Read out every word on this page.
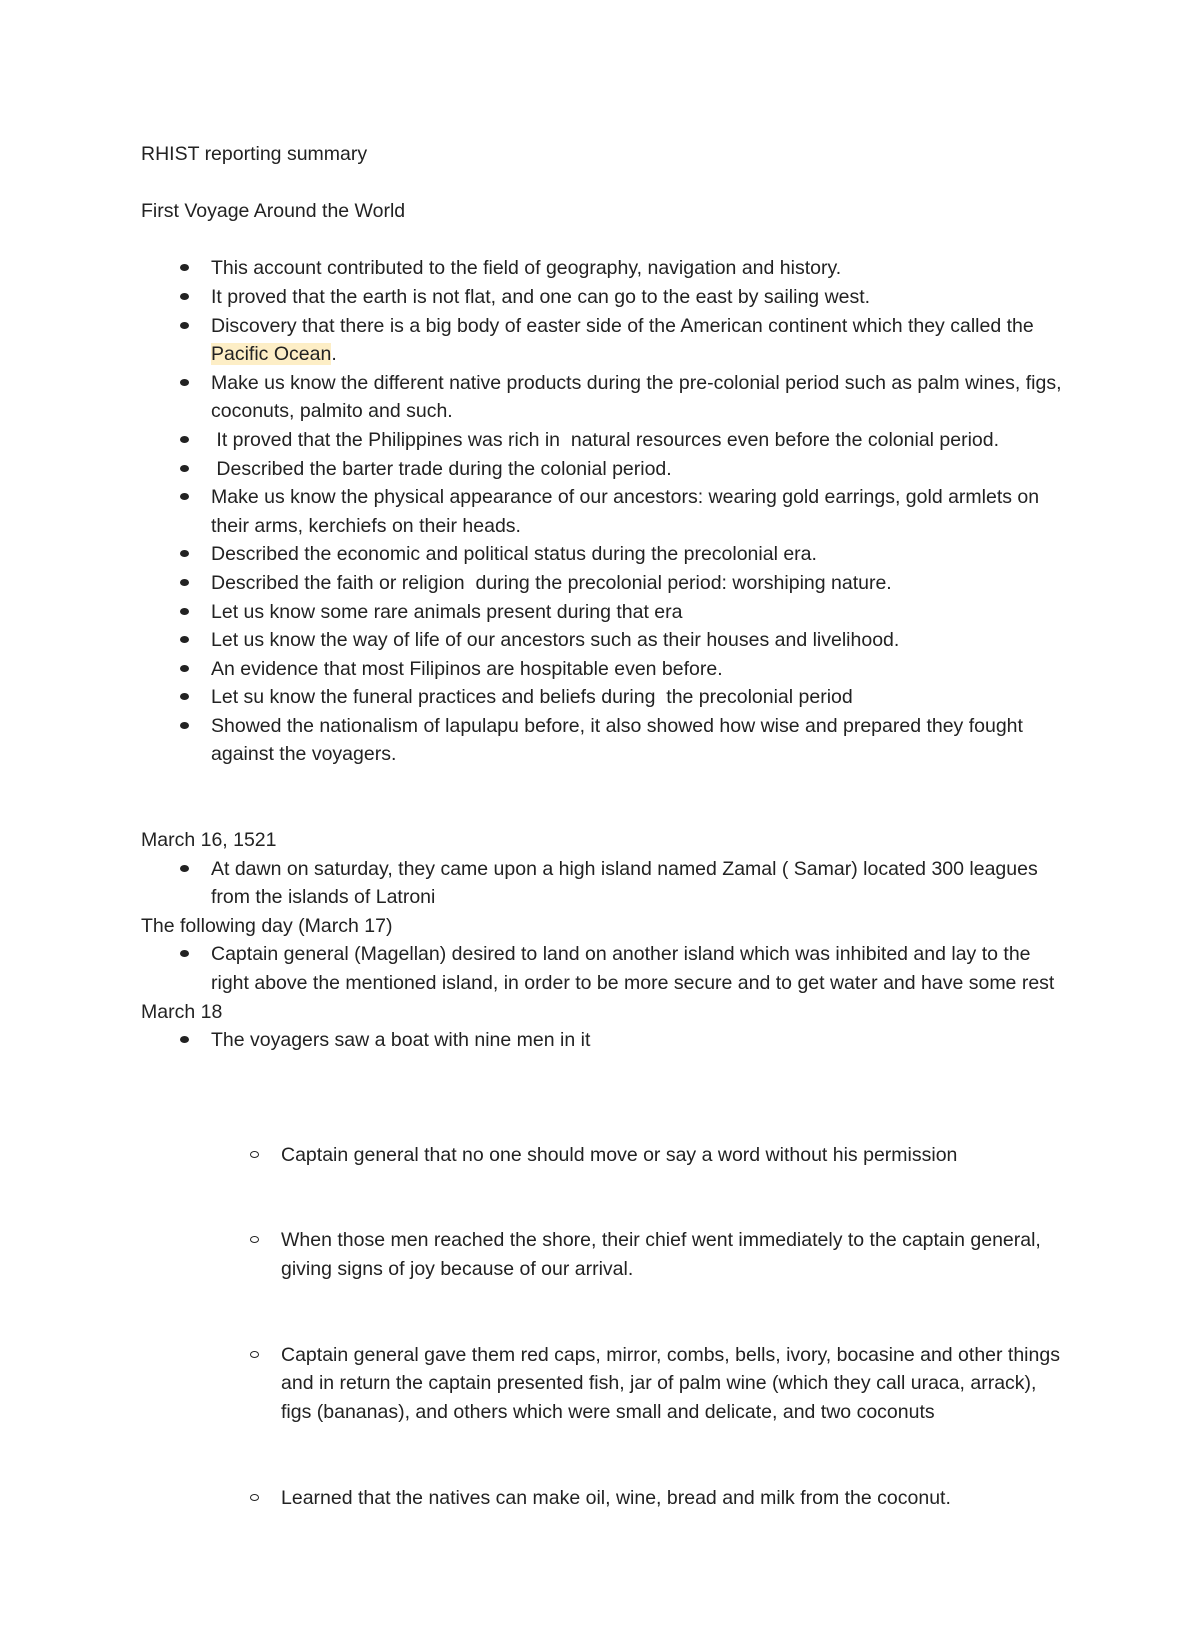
RHIST reporting summary

First Voyage Around the World

This account contributed to the field of geography, navigation and history.
It proved that the earth is not flat, and one can go to the east by sailing west.
Discovery that there is a big body of easter side of the American continent which they called the Pacific Ocean.
Make us know the different native products during the pre-colonial period such as palm wines, figs, coconuts, palmito and such.
It proved that the Philippines was rich in  natural resources even before the colonial period.
Described the barter trade during the colonial period.
Make us know the physical appearance of our ancestors: wearing gold earrings, gold armlets on their arms, kerchiefs on their heads.
Described the economic and political status during the precolonial era.
Described the faith or religion  during the precolonial period: worshiping nature.
Let us know some rare animals present during that era
Let us know the way of life of our ancestors such as their houses and livelihood.
An evidence that most Filipinos are hospitable even before.
Let su know the funeral practices and beliefs during  the precolonial period
Showed the nationalism of lapulapu before, it also showed how wise and prepared they fought against the voyagers.

March 16, 1521

At dawn on saturday, they came upon a high island named Zamal ( Samar) located 300 leagues from the islands of Latroni

The following day (March 17)

Captain general (Magellan) desired to land on another island which was inhibited and lay to the right above the mentioned island, in order to be more secure and to get water and have some rest

March 18

The voyagers saw a boat with nine men in it

Captain general that no one should move or say a word without his permission

When those men reached the shore, their chief went immediately to the captain general, giving signs of joy because of our arrival.

Captain general gave them red caps, mirror, combs, bells, ivory, bocasine and other things and in return the captain presented fish, jar of palm wine (which they call uraca, arrack), figs (bananas), and others which were small and delicate, and two coconuts

Learned that the natives can make oil, wine, bread and milk from the coconut.
